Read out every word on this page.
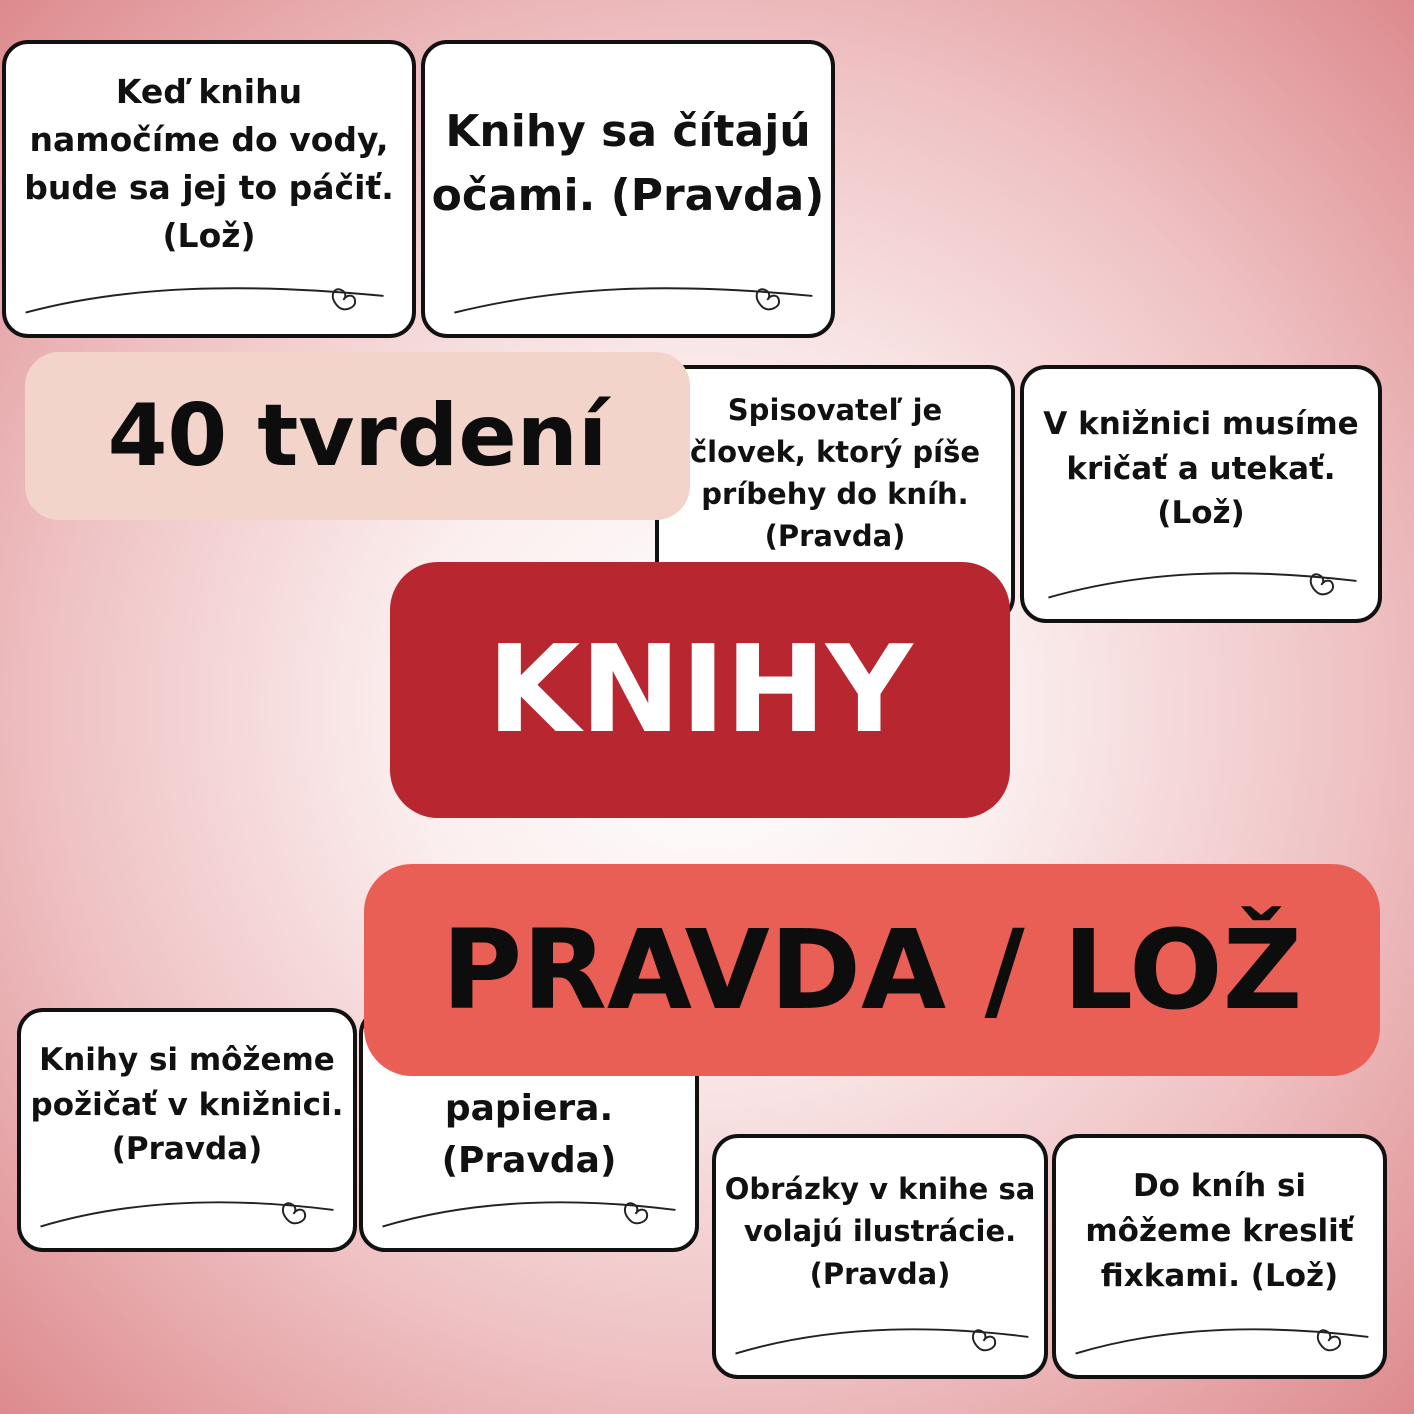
Keď knihu
namočíme do vody,
bude sa jej to páčiť.
(Lož)
Knihy sa čítajú
očami. (Pravda)
Spisovateľ je
človek, ktorý píše
príbehy do kníh.
(Pravda)
V knižnici musíme
kričať a utekať.
(Lož)
Knihy si môžeme
požičať v knižnici.
(Pravda)
papiera.
(Pravda)
Obrázky v knihe sa
volajú ilustrácie.
(Pravda)
Do kníh si
môžeme kresliť
fixkami. (Lož)
40 tvrdení
KNIHY
PRAVDA / LOŽ
